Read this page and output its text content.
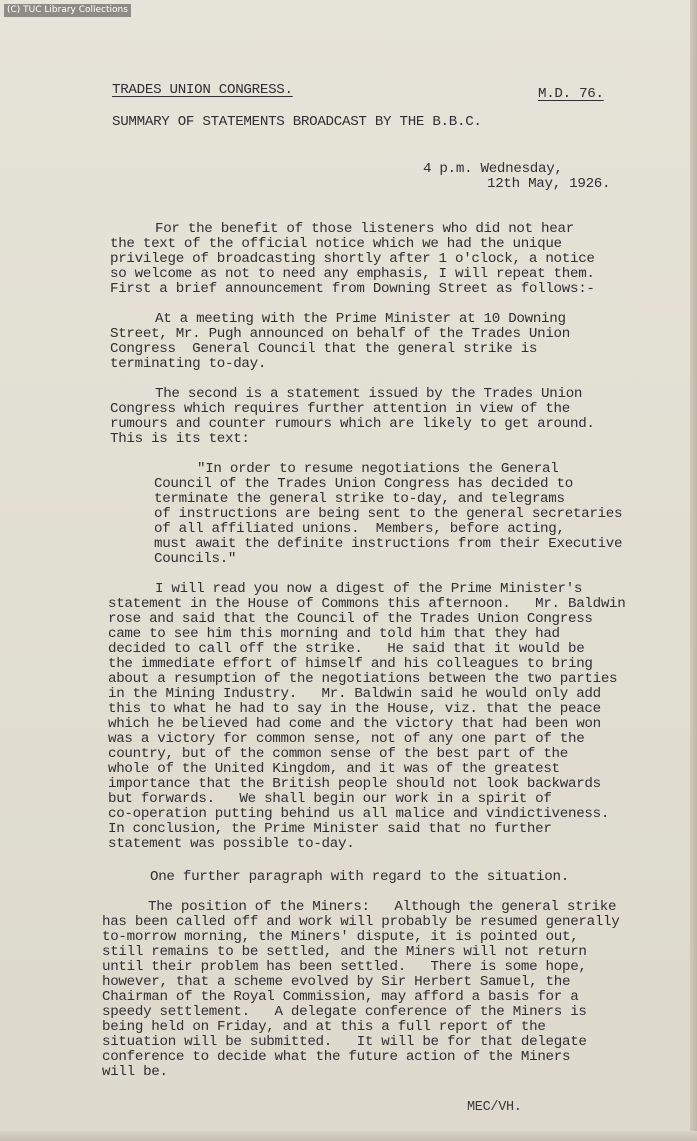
(C) TUC Library Collections
TRADES UNION CONGRESS.	M.D. 76.
SUMMARY OF STATEMENTS BROADCAST BY THE B.B.C.
4 p.m. Wednesday,
12th May, 1926.
For the benefit of those listeners who did not hear
the text of the official notice which we had the unique
privilege of broadcasting shortly after 1 o'clock, a notice
so welcome as not to need any emphasis, I will repeat them.
First a brief announcement from Downing Street as follows:-
At a meeting with the Prime Minister at 10 Downing
Street, Mr. Pugh announced on behalf of the Trades Union
Congress  General Council that the general strike is
terminating to-day.
The second is a statement issued by the Trades Union
Congress which requires further attention in view of the
rumours and counter rumours which are likely to get around.
This is its text:
"In order to resume negotiations the General
Council of the Trades Union Congress has decided to
terminate the general strike to-day, and telegrams
of instructions are being sent to the general secretaries
of all affiliated unions.  Members, before acting,
must await the definite instructions from their Executive
Councils."
I will read you now a digest of the Prime Minister's
statement in the House of Commons this afternoon.   Mr. Baldwin
rose and said that the Council of the Trades Union Congress
came to see him this morning and told him that they had
decided to call off the strike.   He said that it would be
the immediate effort of himself and his colleagues to bring
about a resumption of the negotiations between the two parties
in the Mining Industry.   Mr. Baldwin said he would only add
this to what he had to say in the House, viz. that the peace
which he believed had come and the victory that had been won
was a victory for common sense, not of any one part of the
country, but of the common sense of the best part of the
whole of the United Kingdom, and it was of the greatest
importance that the British people should not look backwards
but forwards.   We shall begin our work in a spirit of
co-operation putting behind us all malice and vindictiveness.
In conclusion, the Prime Minister said that no further
statement was possible to-day.
One further paragraph with regard to the situation.
The position of the Miners:   Although the general strike
has been called off and work will probably be resumed generally
to-morrow morning, the Miners' dispute, it is pointed out,
still remains to be settled, and the Miners will not return
until their problem has been settled.   There is some hope,
however, that a scheme evolved by Sir Herbert Samuel, the
Chairman of the Royal Commission, may afford a basis for a
speedy settlement.   A delegate conference of the Miners is
being held on Friday, and at this a full report of the
situation will be submitted.   It will be for that delegate
conference to decide what the future action of the Miners
will be.
MEC/VH.
